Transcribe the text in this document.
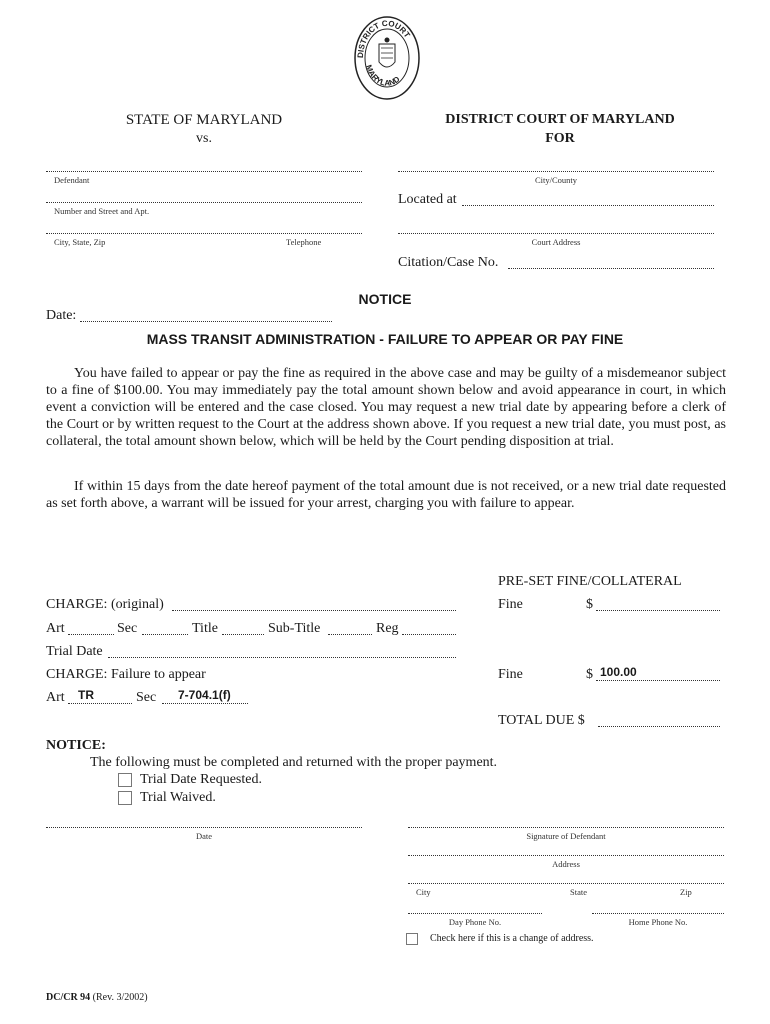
DISTRICT COURT
MARYLAND
STATE OF MARYLAND
vs.
DISTRICT COURT OF MARYLAND
FOR
Defendant
Number and Street and Apt.
City, State, Zip	Telephone
City/County
Located at
Court Address
Citation/Case No.
NOTICE
Date:
MASS TRANSIT ADMINISTRATION - FAILURE TO APPEAR OR PAY FINE
You have failed to appear or pay the fine as required in the above case and may be guilty of a misdemeanor subject to a fine of $100.00. You may immediately pay the total amount shown below and avoid appearance in court, in which event a conviction will be entered and the case closed. You may request a new trial date by appearing before a clerk of the Court or by written request to the Court at the address shown above. If you request a new trial date, you must post, as collateral, the total amount shown below, which will be held by the Court pending disposition at trial.
If within 15 days from the date hereof payment of the total amount due is not received, or a new trial date requested as set forth above, a warrant will be issued for your arrest, charging you with failure to appear.
PRE-SET FINE/COLLATERAL
CHARGE: (original)	Fine	$
Art	Sec	Title	Sub-Title	Reg
Trial Date
CHARGE: Failure to appear	Fine	$ 100.00
Art TR	Sec 7-704.1(f)
TOTAL DUE $
NOTICE:
The following must be completed and returned with the proper payment.
Trial Date Requested.
Trial Waived.
Date	Signature of Defendant
Address
City	State	Zip
Day Phone No.	Home Phone No.
Check here if this is a change of address.
DC/CR 94 (Rev. 3/2002)
